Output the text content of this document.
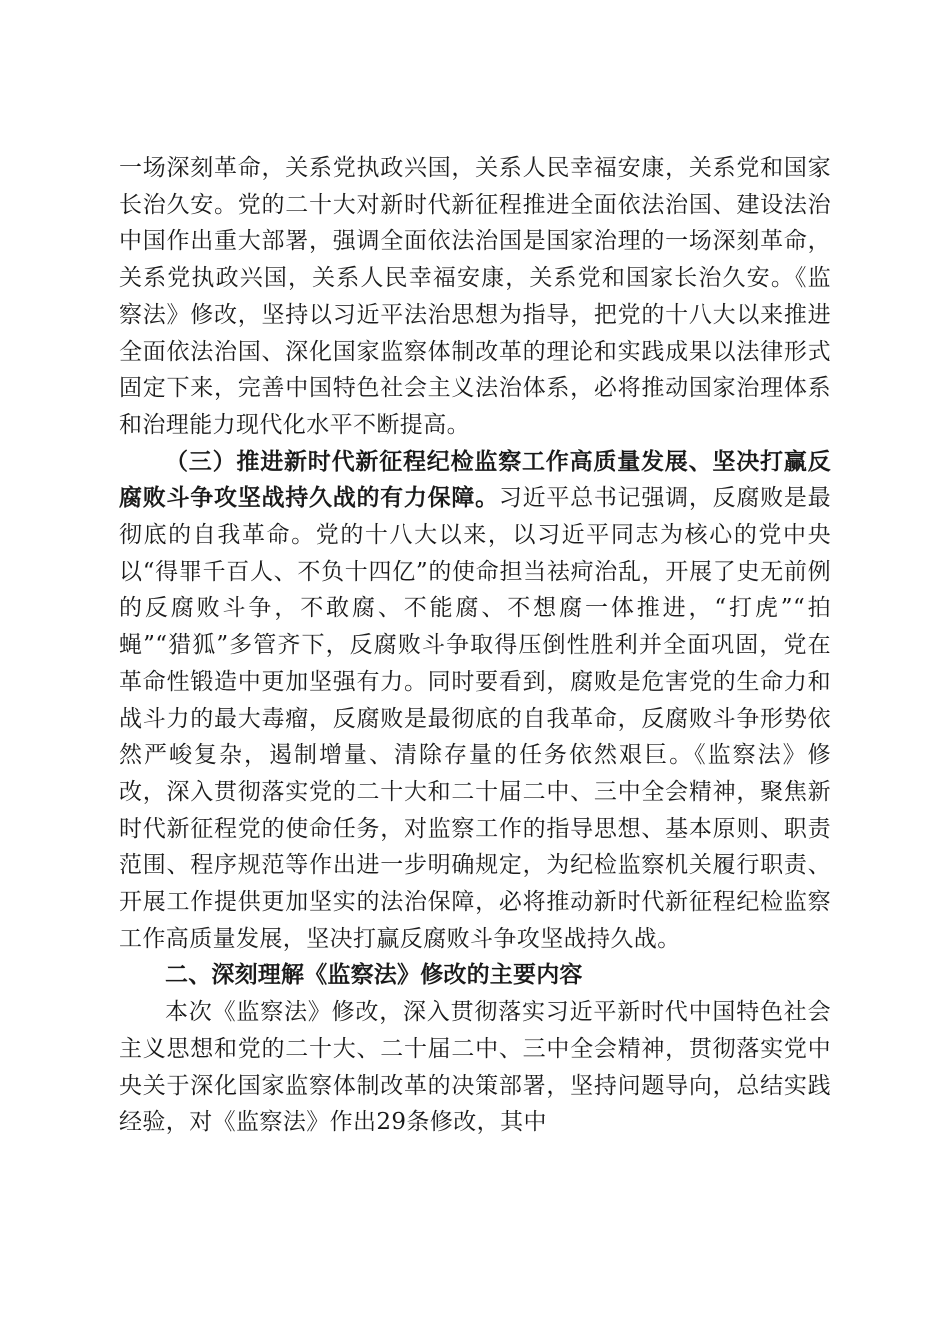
一场深刻革命，关系党执政兴国，关系人民幸福安康，关系党和国家长治久安。党的二十大对新时代新征程推进全面依法治国、建设法治中国作出重大部署，强调全面依法治国是国家治理的一场深刻革命，关系党执政兴国，关系人民幸福安康，关系党和国家长治久安。《监察法》修改，坚持以习近平法治思想为指导，把党的十八大以来推进全面依法治国、深化国家监察体制改革的理论和实践成果以法律形式固定下来，完善中国特色社会主义法治体系，必将推动国家治理体系和治理能力现代化水平不断提高。

（三）推进新时代新征程纪检监察工作高质量发展、坚决打赢反腐败斗争攻坚战持久战的有力保障。习近平总书记强调，反腐败是最彻底的自我革命。党的十八大以来，以习近平同志为核心的党中央以“得罪千百人、不负十四亿”的使命担当祛疴治乱，开展了史无前例的反腐败斗争，不敢腐、不能腐、不想腐一体推进，“打虎”“拍蝇”“猎狐”多管齐下，反腐败斗争取得压倒性胜利并全面巩固，党在革命性锻造中更加坚强有力。同时要看到，腐败是危害党的生命力和战斗力的最大毒瘤，反腐败是最彻底的自我革命，反腐败斗争形势依然严峻复杂，遏制增量、清除存量的任务依然艰巨。《监察法》修改，深入贯彻落实党的二十大和二十届二中、三中全会精神，聚焦新时代新征程党的使命任务，对监察工作的指导思想、基本原则、职责范围、程序规范等作出进一步明确规定，为纪检监察机关履行职责、开展工作提供更加坚实的法治保障，必将推动新时代新征程纪检监察工作高质量发展，坚决打赢反腐败斗争攻坚战持久战。

二、深刻理解《监察法》修改的主要内容

本次《监察法》修改，深入贯彻落实习近平新时代中国特色社会主义思想和党的二十大、二十届二中、三中全会精神，贯彻落实党中央关于深化国家监察体制改革的决策部署，坚持问题导向，总结实践经验，对《监察法》作出29条修改，其中
